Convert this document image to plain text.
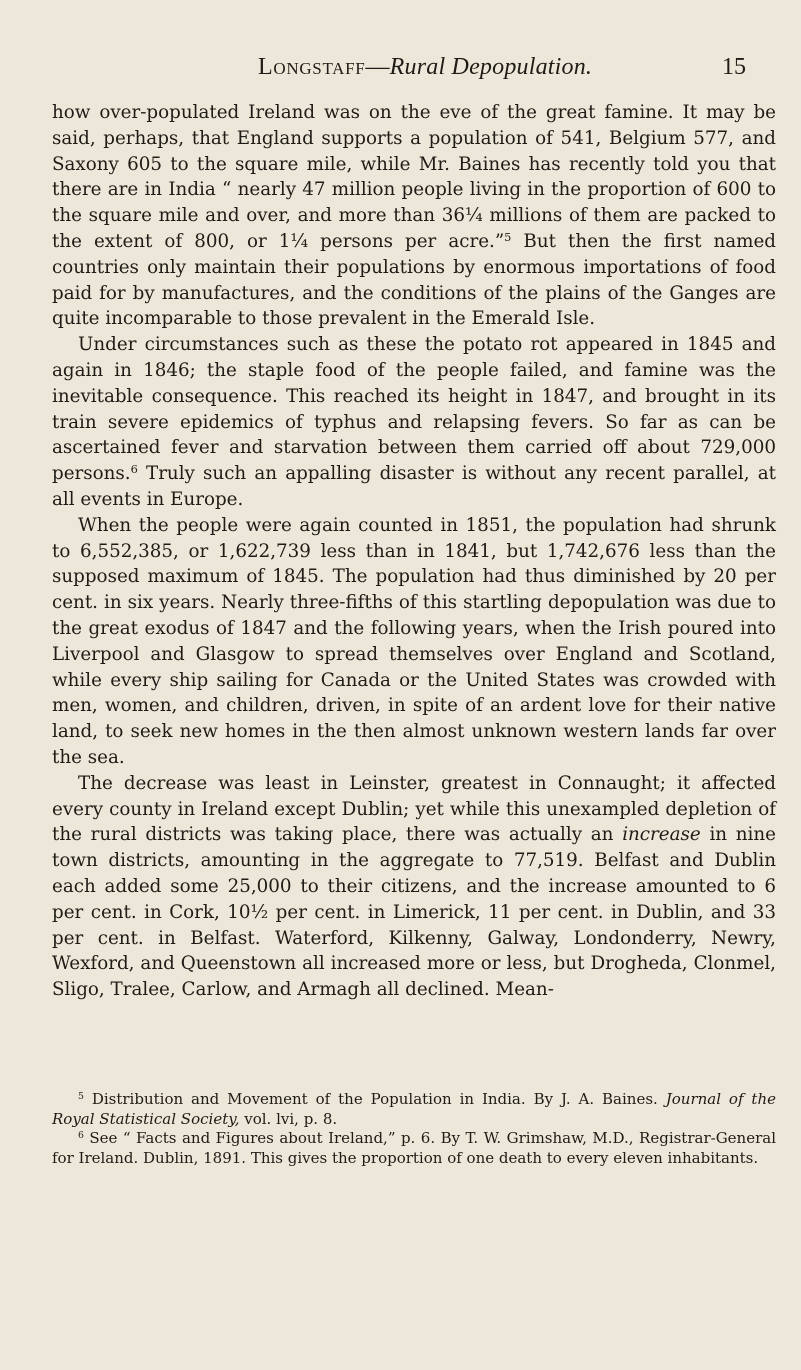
Longstaff—Rural Depopulation.	15

how over-populated Ireland was on the eve of the great famine. It may be said, perhaps, that England supports a population of 541, Belgium 577, and Saxony 605 to the square mile, while Mr. Baines has recently told you that there are in India “ nearly 47 million people living in the proportion of 600 to the square mile and over, and more than 36¼ millions of them are packed to the extent of 800, or 1¼ persons per acre.”$^5$ But then the first named countries only maintain their populations by enormous importations of food paid for by manufactures, and the conditions of the plains of the Ganges are quite incomparable to those prevalent in the Emerald Isle.

Under circumstances such as these the potato rot appeared in 1845 and again in 1846; the staple food of the people failed, and famine was the inevitable consequence. This reached its height in 1847, and brought in its train severe epidemics of typhus and relapsing fevers. So far as can be ascertained fever and starvation between them carried off about 729,000 persons.$^6$ Truly such an appalling disaster is without any recent parallel, at all events in Europe.

When the people were again counted in 1851, the population had shrunk to 6,552,385, or 1,622,739 less than in 1841, but 1,742,676 less than the supposed maximum of 1845. The population had thus diminished by 20 per cent. in six years. Nearly three-fifths of this startling depopulation was due to the great exodus of 1847 and the following years, when the Irish poured into Liverpool and Glasgow to spread themselves over England and Scotland, while every ship sailing for Canada or the United States was crowded with men, women, and children, driven, in spite of an ardent love for their native land, to seek new homes in the then almost unknown western lands far over the sea.

The decrease was least in Leinster, greatest in Connaught; it affected every county in Ireland except Dublin; yet while this unexampled depletion of the rural districts was taking place, there was actually an increase in nine town districts, amounting in the aggregate to 77,519. Belfast and Dublin each added some 25,000 to their citizens, and the increase amounted to 6 per cent. in Cork, 10½ per cent. in Limerick, 11 per cent. in Dublin, and 33 per cent. in Belfast. Waterford, Kilkenny, Galway, Londonderry, Newry, Wexford, and Queenstown all increased more or less, but Drogheda, Clonmel, Sligo, Tralee, Carlow, and Armagh all declined. Mean-

$^5$ Distribution and Movement of the Population in India. By J. A. Baines. Journal of the Royal Statistical Society, vol. lvi, p. 8.

$^6$ See “ Facts and Figures about Ireland,” p. 6. By T. W. Grimshaw, M.D., Registrar-General for Ireland. Dublin, 1891. This gives the proportion of one death to every eleven inhabitants.
